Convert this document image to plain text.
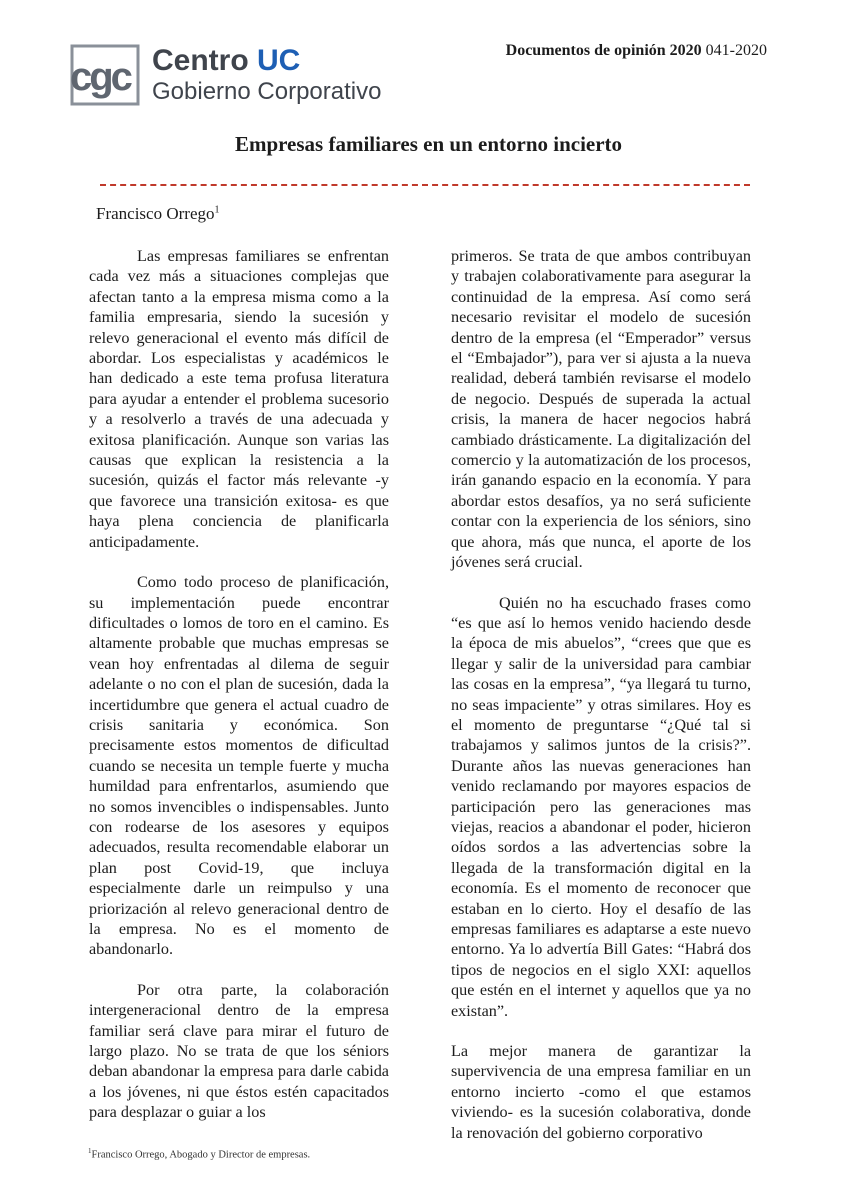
cgc Centro UC
Gobierno Corporativo
Documentos de opinión 2020 041-2020
Empresas familiares en un entorno incierto
Francisco Orrego$^1$

Las empresas familiares se enfrentan cada vez más a situaciones complejas que afectan tanto a la empresa misma como a la familia empresaria, siendo la sucesión y relevo generacional el evento más difícil de abordar. Los especialistas y académicos le han dedicado a este tema profusa literatura para ayudar a entender el problema sucesorio y a resolverlo a través de una adecuada y exitosa planificación. Aunque son varias las causas que explican la resistencia a la sucesión, quizás el factor más relevante -y que favorece una transición exitosa- es que haya plena conciencia de planificarla anticipadamente.

Como todo proceso de planificación, su implementación puede encontrar dificultades o lomos de toro en el camino. Es altamente probable que muchas empresas se vean hoy enfrentadas al dilema de seguir adelante o no con el plan de sucesión, dada la incertidumbre que genera el actual cuadro de crisis sanitaria y económica. Son precisamente estos momentos de dificultad cuando se necesita un temple fuerte y mucha humildad para enfrentarlos, asumiendo que no somos invencibles o indispensables. Junto con rodearse de los asesores y equipos adecuados, resulta recomendable elaborar un plan post Covid-19, que incluya especialmente darle un reimpulso y una priorización al relevo generacional dentro de la empresa. No es el momento de abandonarlo.

Por otra parte, la colaboración intergeneracional dentro de la empresa familiar será clave para mirar el futuro de largo plazo. No se trata de que los séniors deban abandonar la empresa para darle cabida a los jóvenes, ni que éstos estén capacitados para desplazar o guiar a los

primeros. Se trata de que ambos contribuyan y trabajen colaborativamente para asegurar la continuidad de la empresa. Así como será necesario revisitar el modelo de sucesión dentro de la empresa (el “Emperador” versus el “Embajador”), para ver si ajusta a la nueva realidad, deberá también revisarse el modelo de negocio. Después de superada la actual crisis, la manera de hacer negocios habrá cambiado drásticamente. La digitalización del comercio y la automatización de los procesos, irán ganando espacio en la economía. Y para abordar estos desafíos, ya no será suficiente contar con la experiencia de los séniors, sino que ahora, más que nunca, el aporte de los jóvenes será crucial.

Quién no ha escuchado frases como “es que así lo hemos venido haciendo desde la época de mis abuelos”, “crees que que es llegar y salir de la universidad para cambiar las cosas en la empresa”, “ya llegará tu turno, no seas impaciente” y otras similares. Hoy es el momento de preguntarse “¿Qué tal si trabajamos y salimos juntos de la crisis?”. Durante años las nuevas generaciones han venido reclamando por mayores espacios de participación pero las generaciones mas viejas, reacios a abandonar el poder, hicieron oídos sordos a las advertencias sobre la llegada de la transformación digital en la economía. Es el momento de reconocer que estaban en lo cierto. Hoy el desafío de las empresas familiares es adaptarse a este nuevo entorno. Ya lo advertía Bill Gates: “Habrá dos tipos de negocios en el siglo XXI: aquellos que estén en el internet y aquellos que ya no existan”.

La mejor manera de garantizar la supervivencia de una empresa familiar en un entorno incierto -como el que estamos viviendo- es la sucesión colaborativa, donde la renovación del gobierno corporativo

$^1$Francisco Orrego, Abogado y Director de empresas.
